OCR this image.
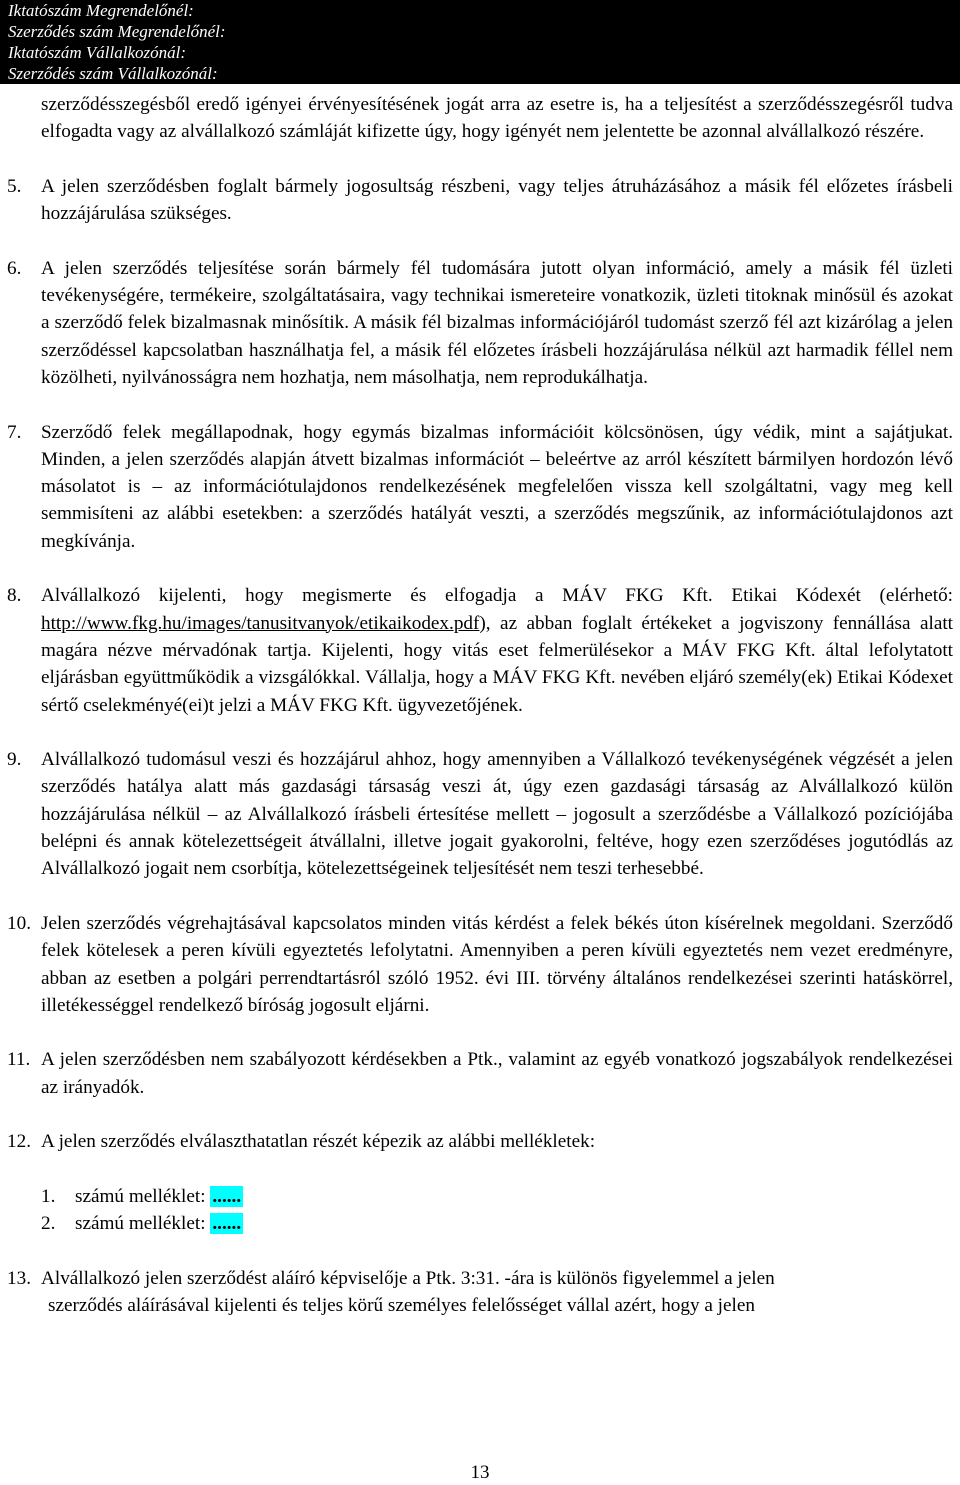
Iktatószám Megrendelőnél:
Szerződés szám Megrendelőnél:
Iktatószám Vállalkozónál:
Szerződés szám Vállalkozónál:

szerződésszegésből eredő igényei érvényesítésének jogát arra az esetre is, ha a teljesítést a szerződésszegésről tudva elfogadta vagy az alvállalkozó számláját kifizette úgy, hogy igényét nem jelentette be azonnal alvállalkozó részére.

5. A jelen szerződésben foglalt bármely jogosultság részbeni, vagy teljes átruházásához a másik fél előzetes írásbeli hozzájárulása szükséges.

6. A jelen szerződés teljesítése során bármely fél tudomására jutott olyan információ, amely a másik fél üzleti tevékenységére, termékeire, szolgáltatásaira, vagy technikai ismereteire vonatkozik, üzleti titoknak minősül és azokat a szerződő felek bizalmasnak minősítik. A másik fél bizalmas információjáról tudomást szerző fél azt kizárólag a jelen szerződéssel kapcsolatban használhatja fel, a másik fél előzetes írásbeli hozzájárulása nélkül azt harmadik féllel nem közölheti, nyilvánosságra nem hozhatja, nem másolhatja, nem reprodukálhatja.

7. Szerződő felek megállapodnak, hogy egymás bizalmas információit kölcsönösen, úgy védik, mint a sajátjukat. Minden, a jelen szerződés alapján átvett bizalmas információt – beleértve az arról készített bármilyen hordozón lévő másolatot is – az információtulajdonos rendelkezésének megfelelően vissza kell szolgáltatni, vagy meg kell semmisíteni az alábbi esetekben: a szerződés hatályát veszti, a szerződés megszűnik, az információtulajdonos azt megkívánja.

8. Alvállalkozó kijelenti, hogy megismerte és elfogadja a MÁV FKG Kft. Etikai Kódexét (elérhető: http://www.fkg.hu/images/tanusitvanyok/etikaikodex.pdf), az abban foglalt értékeket a jogviszony fennállása alatt magára nézve mérvadónak tartja. Kijelenti, hogy vitás eset felmerülésekor a MÁV FKG Kft. által lefolytatott eljárásban együttműködik a vizsgálókkal. Vállalja, hogy a MÁV FKG Kft. nevében eljáró személy(ek) Etikai Kódexet sértő cselekményé(ei)t jelzi a MÁV FKG Kft. ügyvezetőjének.

9. Alvállalkozó tudomásul veszi és hozzájárul ahhoz, hogy amennyiben a Vállalkozó tevékenységének végzését a jelen szerződés hatálya alatt más gazdasági társaság veszi át, úgy ezen gazdasági társaság az Alvállalkozó külön hozzájárulása nélkül – az Alvállalkozó írásbeli értesítése mellett – jogosult a szerződésbe a Vállalkozó pozíciójába belépni és annak kötelezettségeit átvállalni, illetve jogait gyakorolni, feltéve, hogy ezen szerződéses jogutódlás az Alvállalkozó jogait nem csorbítja, kötelezettségeinek teljesítését nem teszi terhesebbé.

10. Jelen szerződés végrehajtásával kapcsolatos minden vitás kérdést a felek békés úton kísérelnek megoldani. Szerződő felek kötelesek a peren kívüli egyeztetés lefolytatni. Amennyiben a peren kívüli egyeztetés nem vezet eredményre, abban az esetben a polgári perrendtartásról szóló 1952. évi III. törvény általános rendelkezései szerinti hatáskörrel, illetékességgel rendelkező bíróság jogosult eljárni.

11. A jelen szerződésben nem szabályozott kérdésekben a Ptk., valamint az egyéb vonatkozó jogszabályok rendelkezései az irányadók.

12. A jelen szerződés elválaszthatatlan részét képezik az alábbi mellékletek:

1. számú melléklet: ......

2. számú melléklet: ......

13. Alvállalkozó jelen szerződést aláíró képviselője a Ptk. 3:31. -ára is különös figyelemmel a jelen

szerződés aláírásával kijelenti és teljes körű személyes felelősséget vállal azért, hogy a jelen

13
